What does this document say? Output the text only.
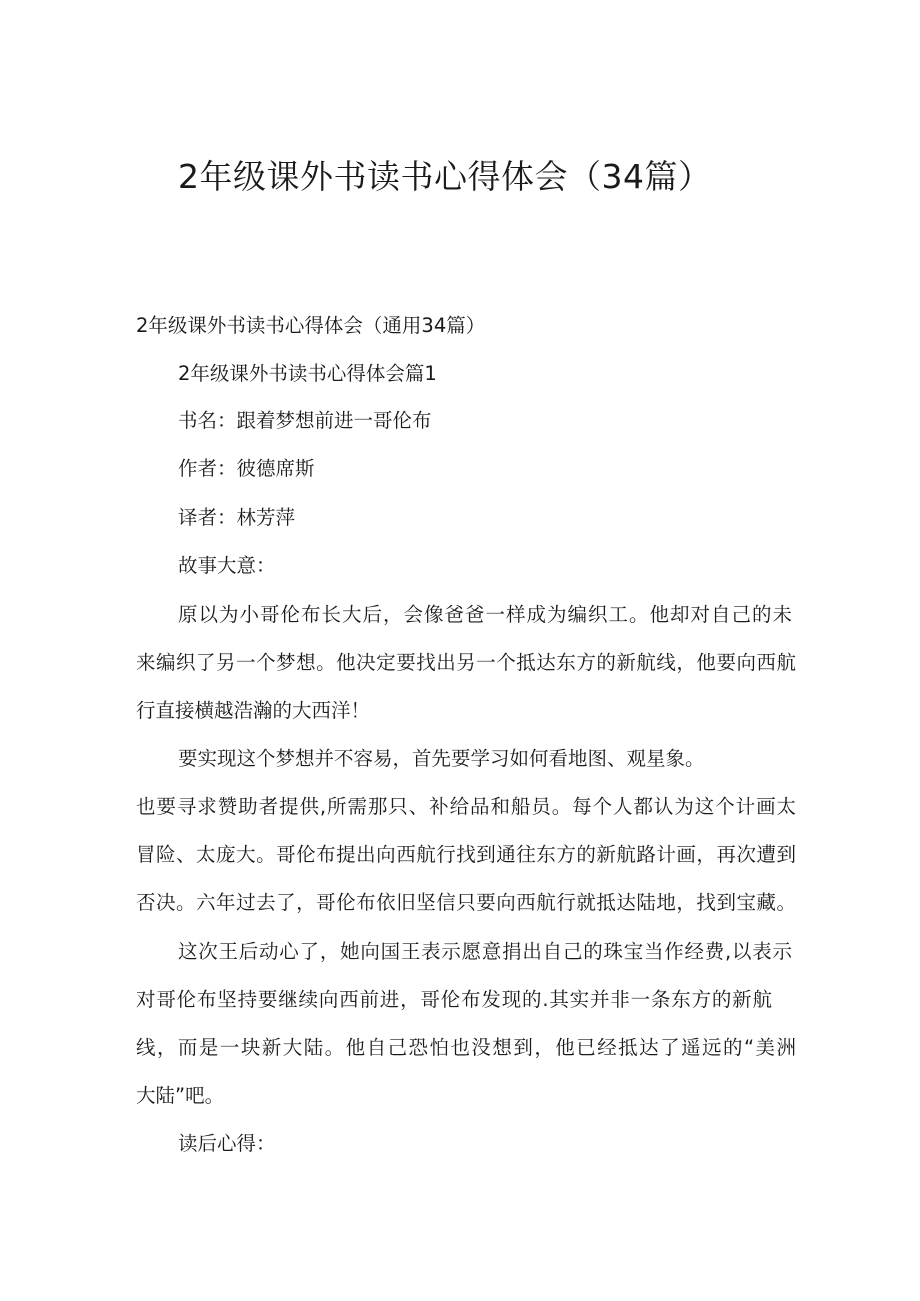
2年级课外书读书心得体会（34篇）
2年级课外书读书心得体会（通用34篇）
2年级课外书读书心得体会篇1
书名：跟着梦想前进一哥伦布
作者：彼德席斯
译者：林芳萍
故事大意：
原以为小哥伦布长大后，会像爸爸一样成为编织工。他却对自己的未
来编织了另一个梦想。他决定要找出另一个抵达东方的新航线，他要向西航
行直接横越浩瀚的大西洋！
要实现这个梦想并不容易，首先要学习如何看地图、观星象。
也要寻求赞助者提供,所需那只、补给品和船员。每个人都认为这个计画太
冒险、太庞大。哥伦布提出向西航行找到通往东方的新航路计画，再次遭到
否决。六年过去了，哥伦布依旧坚信只要向西航行就抵达陆地，找到宝藏。
这次王后动心了，她向国王表示愿意捐出自己的珠宝当作经费,以表示
对哥伦布坚持要继续向西前进，哥伦布发现的.其实并非一条东方的新航
线，而是一块新大陆。他自己恐怕也没想到，他已经抵达了遥远的“美洲
大陆”吧。
读后心得：
